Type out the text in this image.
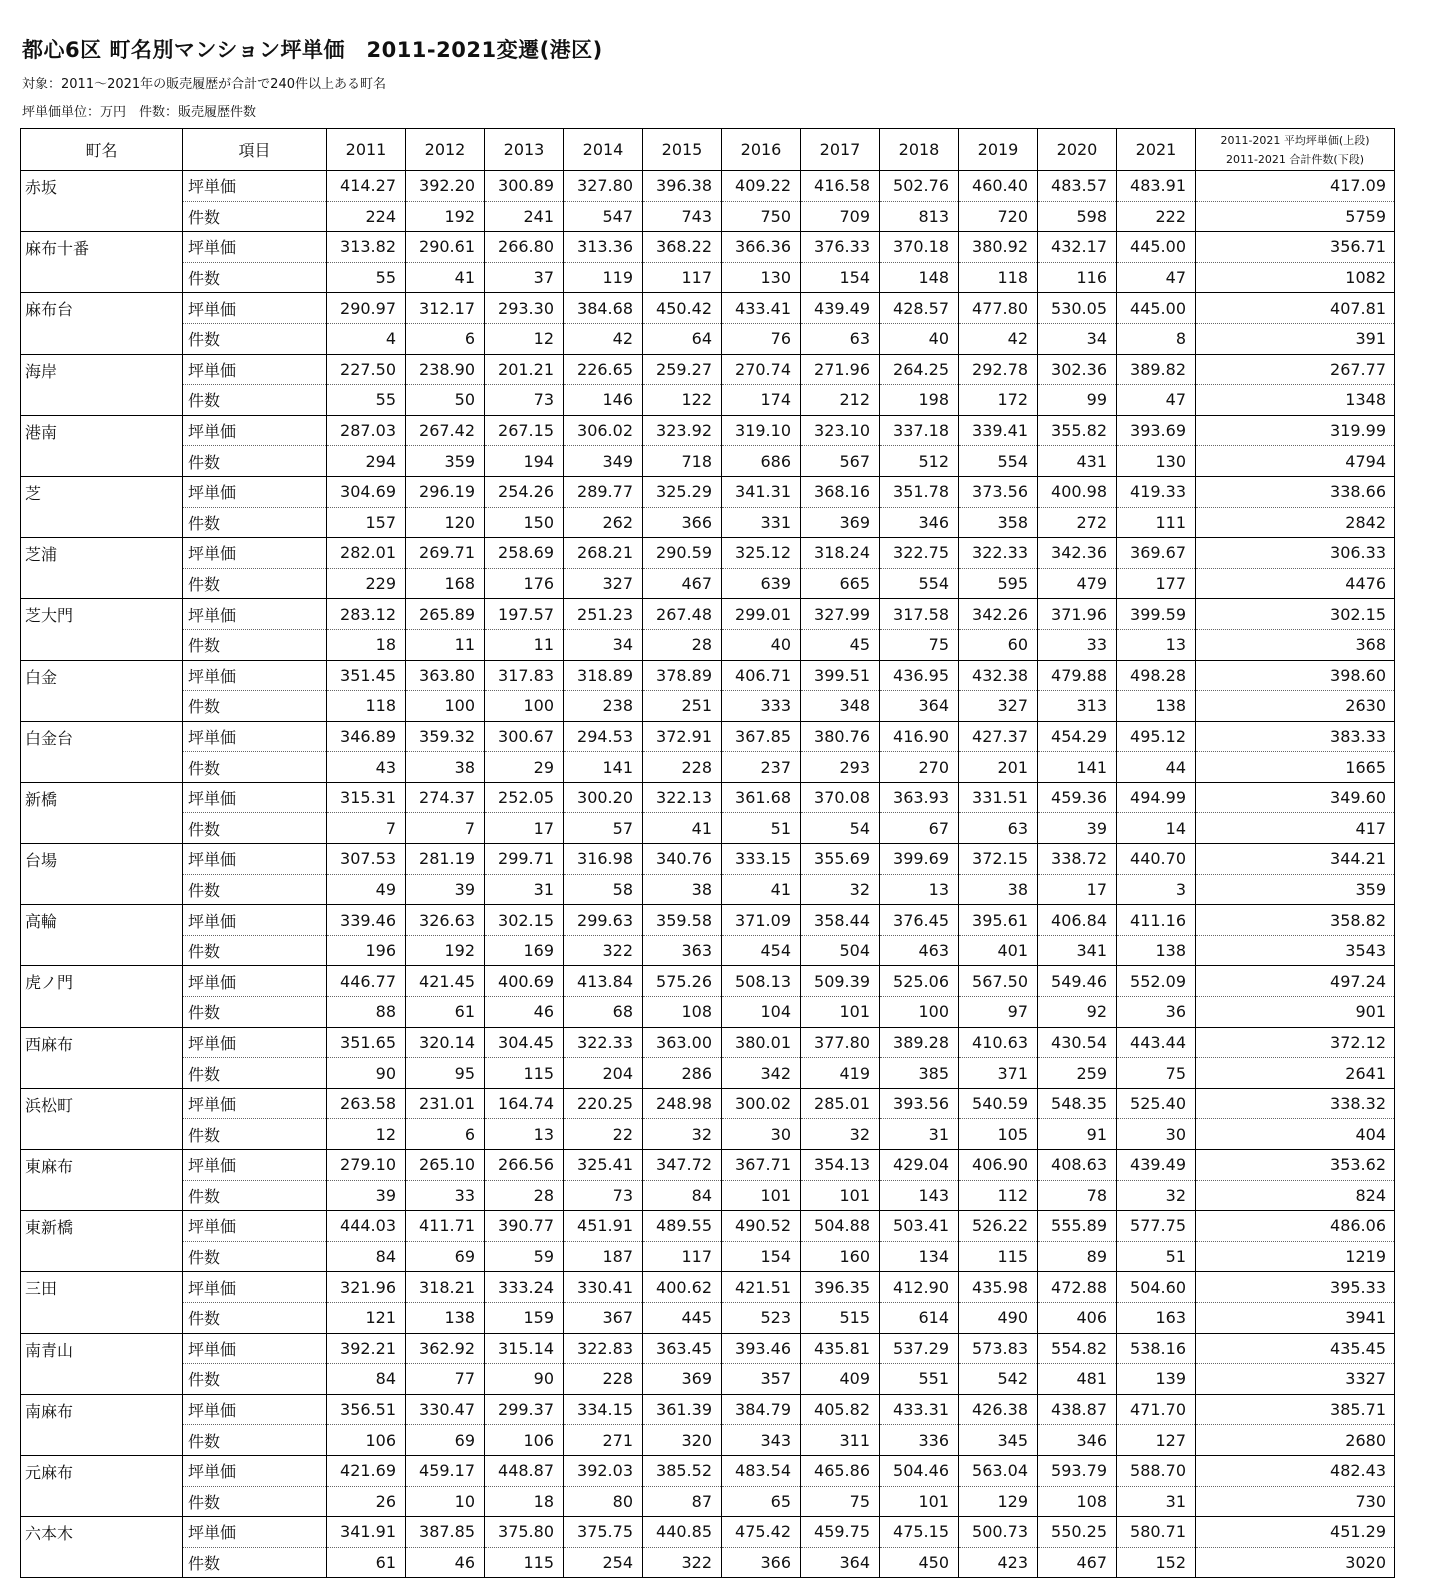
都心6区 町名別マンション坪単価　2011-2021変遷(港区)
対象：2011～2021年の販売履歴が合計で240件以上ある町名
坪単価単位：万円　件数：販売履歴件数
町名	項目	2011	2012	2013	2014	2015	2016	2017	2018	2019	2020	2021	2011-2021 平均坪単価(上段)
2011-2021 合計件数(下段)

赤坂	坪単価	414.27	392.20	300.89	327.80	396.38	409.22	416.58	502.76	460.40	483.57	483.91	417.09
	件数	224	192	241	547	743	750	709	813	720	598	222	5759
麻布十番	坪単価	313.82	290.61	266.80	313.36	368.22	366.36	376.33	370.18	380.92	432.17	445.00	356.71
	件数	55	41	37	119	117	130	154	148	118	116	47	1082
麻布台	坪単価	290.97	312.17	293.30	384.68	450.42	433.41	439.49	428.57	477.80	530.05	445.00	407.81
	件数	4	6	12	42	64	76	63	40	42	34	8	391
海岸	坪単価	227.50	238.90	201.21	226.65	259.27	270.74	271.96	264.25	292.78	302.36	389.82	267.77
	件数	55	50	73	146	122	174	212	198	172	99	47	1348
港南	坪単価	287.03	267.42	267.15	306.02	323.92	319.10	323.10	337.18	339.41	355.82	393.69	319.99
	件数	294	359	194	349	718	686	567	512	554	431	130	4794
芝	坪単価	304.69	296.19	254.26	289.77	325.29	341.31	368.16	351.78	373.56	400.98	419.33	338.66
	件数	157	120	150	262	366	331	369	346	358	272	111	2842
芝浦	坪単価	282.01	269.71	258.69	268.21	290.59	325.12	318.24	322.75	322.33	342.36	369.67	306.33
	件数	229	168	176	327	467	639	665	554	595	479	177	4476
芝大門	坪単価	283.12	265.89	197.57	251.23	267.48	299.01	327.99	317.58	342.26	371.96	399.59	302.15
	件数	18	11	11	34	28	40	45	75	60	33	13	368
白金	坪単価	351.45	363.80	317.83	318.89	378.89	406.71	399.51	436.95	432.38	479.88	498.28	398.60
	件数	118	100	100	238	251	333	348	364	327	313	138	2630
白金台	坪単価	346.89	359.32	300.67	294.53	372.91	367.85	380.76	416.90	427.37	454.29	495.12	383.33
	件数	43	38	29	141	228	237	293	270	201	141	44	1665
新橋	坪単価	315.31	274.37	252.05	300.20	322.13	361.68	370.08	363.93	331.51	459.36	494.99	349.60
	件数	7	7	17	57	41	51	54	67	63	39	14	417
台場	坪単価	307.53	281.19	299.71	316.98	340.76	333.15	355.69	399.69	372.15	338.72	440.70	344.21
	件数	49	39	31	58	38	41	32	13	38	17	3	359
高輪	坪単価	339.46	326.63	302.15	299.63	359.58	371.09	358.44	376.45	395.61	406.84	411.16	358.82
	件数	196	192	169	322	363	454	504	463	401	341	138	3543
虎ノ門	坪単価	446.77	421.45	400.69	413.84	575.26	508.13	509.39	525.06	567.50	549.46	552.09	497.24
	件数	88	61	46	68	108	104	101	100	97	92	36	901
西麻布	坪単価	351.65	320.14	304.45	322.33	363.00	380.01	377.80	389.28	410.63	430.54	443.44	372.12
	件数	90	95	115	204	286	342	419	385	371	259	75	2641
浜松町	坪単価	263.58	231.01	164.74	220.25	248.98	300.02	285.01	393.56	540.59	548.35	525.40	338.32
	件数	12	6	13	22	32	30	32	31	105	91	30	404
東麻布	坪単価	279.10	265.10	266.56	325.41	347.72	367.71	354.13	429.04	406.90	408.63	439.49	353.62
	件数	39	33	28	73	84	101	101	143	112	78	32	824
東新橋	坪単価	444.03	411.71	390.77	451.91	489.55	490.52	504.88	503.41	526.22	555.89	577.75	486.06
	件数	84	69	59	187	117	154	160	134	115	89	51	1219
三田	坪単価	321.96	318.21	333.24	330.41	400.62	421.51	396.35	412.90	435.98	472.88	504.60	395.33
	件数	121	138	159	367	445	523	515	614	490	406	163	3941
南青山	坪単価	392.21	362.92	315.14	322.83	363.45	393.46	435.81	537.29	573.83	554.82	538.16	435.45
	件数	84	77	90	228	369	357	409	551	542	481	139	3327
南麻布	坪単価	356.51	330.47	299.37	334.15	361.39	384.79	405.82	433.31	426.38	438.87	471.70	385.71
	件数	106	69	106	271	320	343	311	336	345	346	127	2680
元麻布	坪単価	421.69	459.17	448.87	392.03	385.52	483.54	465.86	504.46	563.04	593.79	588.70	482.43
	件数	26	10	18	80	87	65	75	101	129	108	31	730
六本木	坪単価	341.91	387.85	375.80	375.75	440.85	475.42	459.75	475.15	500.73	550.25	580.71	451.29
	件数	61	46	115	254	322	366	364	450	423	467	152	3020
